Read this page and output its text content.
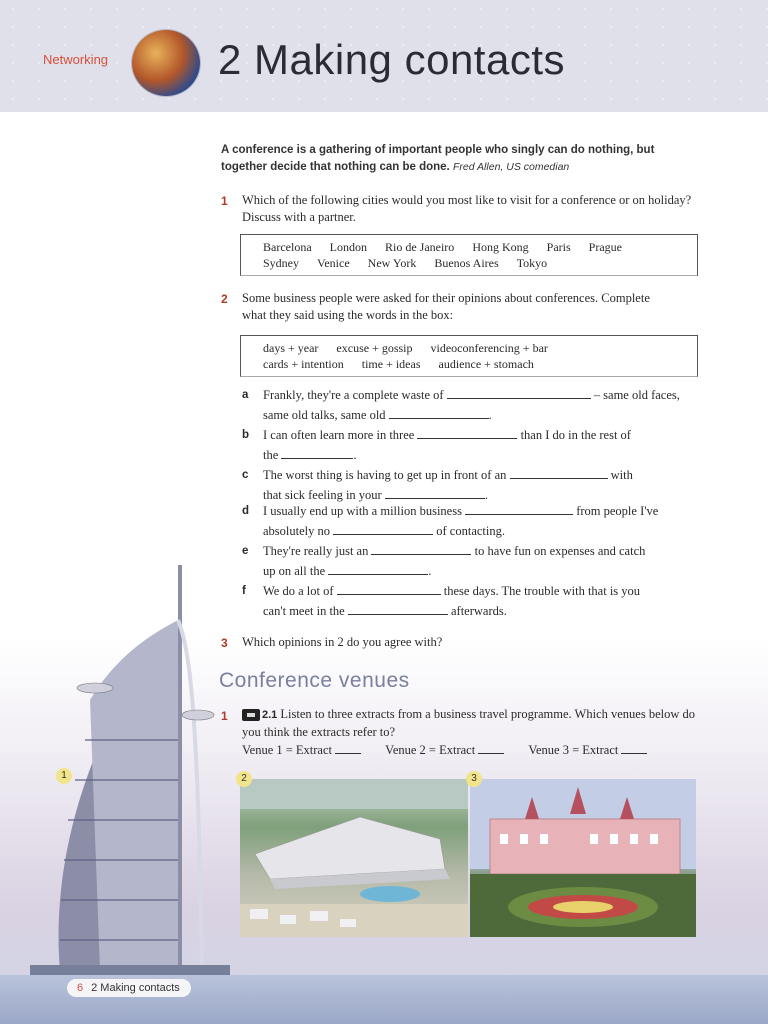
Networking	2 Making contacts
A conference is a gathering of important people who singly can do nothing, but together decide that nothing can be done. Fred Allen, US comedian
1 Which of the following cities would you most like to visit for a conference or on holiday? Discuss with a partner.
Barcelona London Rio de Janeiro Hong Kong Paris Prague
Sydney Venice New York Buenos Aires Tokyo
2 Some business people were asked for their opinions about conferences. Complete what they said using the words in the box:
days + year excuse + gossip videoconferencing + bar
cards + intention time + ideas audience + stomach
a Frankly, they're a complete waste of	– same old faces,
same old talks, same old	.
b I can often learn more in three	than I do in the rest of
the	.
c The worst thing is having to get up in front of an	with
that sick feeling in your	.
d I usually end up with a million business	from people I've
absolutely no	of contacting.
e They're really just an	to have fun on expenses and catch
up on all the	.
f We do a lot of	these days. The trouble with that is you
can't meet in the	afterwards.
3 Which opinions in 2 do you agree with?
Conference venues
1	2.1 Listen to three extracts from a business travel programme. Which venues below do you think the extracts refer to?
Venue 1 = Extract	Venue 2 = Extract	Venue 3 = Extract
2	3
1
6 2 Making contacts
